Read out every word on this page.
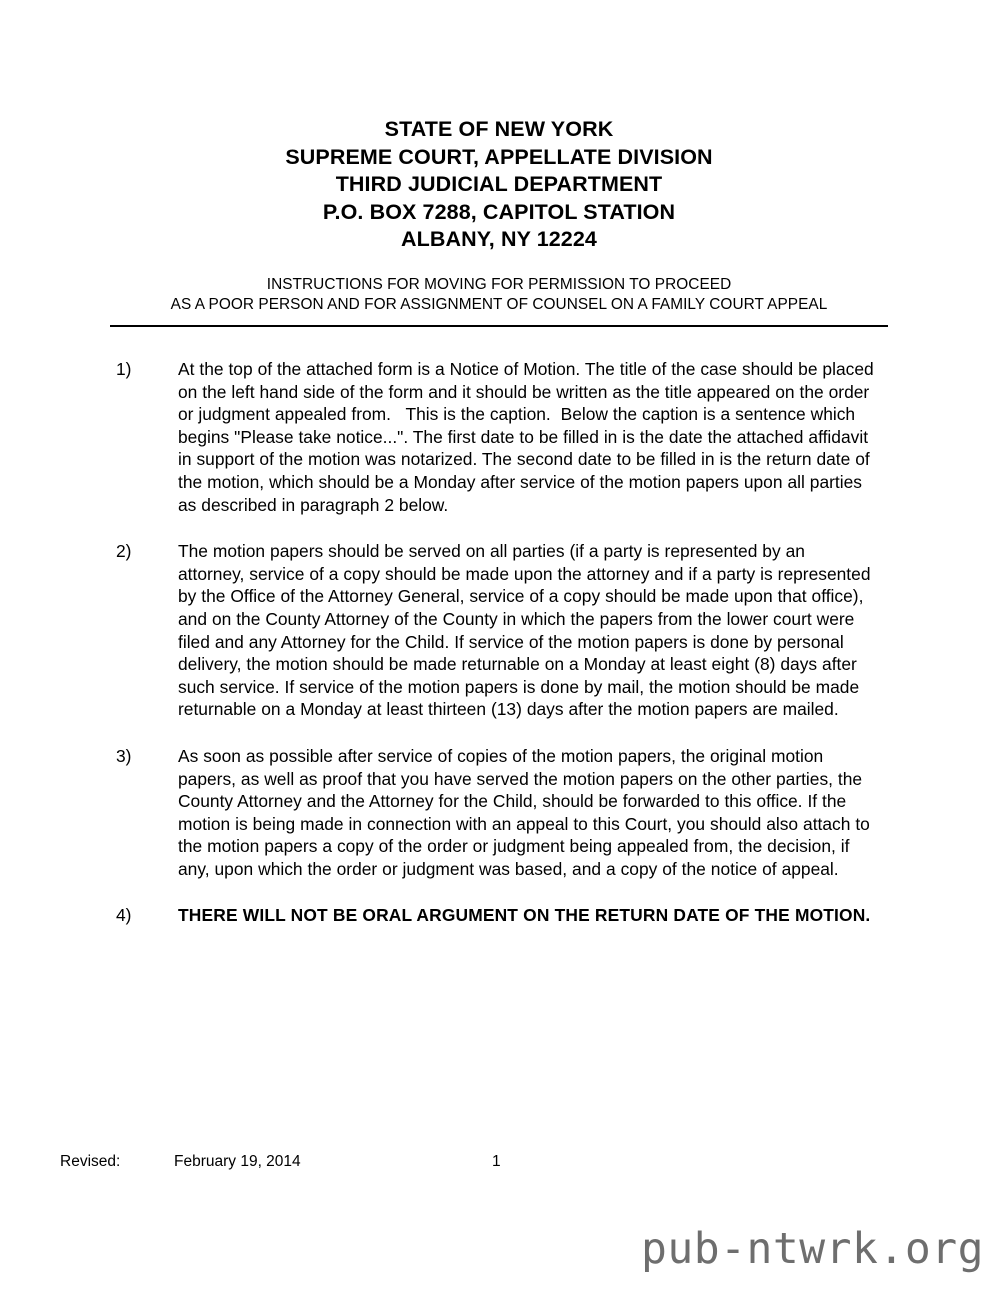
STATE OF NEW YORK
SUPREME COURT, APPELLATE DIVISION
THIRD JUDICIAL DEPARTMENT
P.O. BOX 7288, CAPITOL STATION
ALBANY, NY 12224
INSTRUCTIONS FOR MOVING FOR PERMISSION TO PROCEED
AS A POOR PERSON AND FOR ASSIGNMENT OF COUNSEL ON A FAMILY COURT APPEAL
1)	At the top of the attached form is a Notice of Motion. The title of the case should be placed on the left hand side of the form and it should be written as the title appeared on the order or judgment appealed from.   This is the caption.  Below the caption is a sentence which begins "Please take notice...". The first date to be filled in is the date the attached affidavit in support of the motion was notarized. The second date to be filled in is the return date of the motion, which should be a Monday after service of the motion papers upon all parties as described in paragraph 2 below.
2)	The motion papers should be served on all parties (if a party is represented by an attorney, service of a copy should be made upon the attorney and if a party is represented by the Office of the Attorney General, service of a copy should be made upon that office), and on the County Attorney of the County in which the papers from the lower court were filed and any Attorney for the Child. If service of the motion papers is done by personal delivery, the motion should be made returnable on a Monday at least eight (8) days after such service. If service of the motion papers is done by mail, the motion should be made returnable on a Monday at least thirteen (13) days after the motion papers are mailed.
3)	As soon as possible after service of copies of the motion papers, the original motion papers, as well as proof that you have served the motion papers on the other parties, the County Attorney and the Attorney for the Child, should be forwarded to this office. If the motion is being made in connection with an appeal to this Court, you should also attach to the motion papers a copy of the order or judgment being appealed from, the decision, if any, upon which the order or judgment was based, and a copy of the notice of appeal.
4)	THERE WILL NOT BE ORAL ARGUMENT ON THE RETURN DATE OF THE MOTION.
Revised:	February 19, 2014	1
pub-ntwrk.org
